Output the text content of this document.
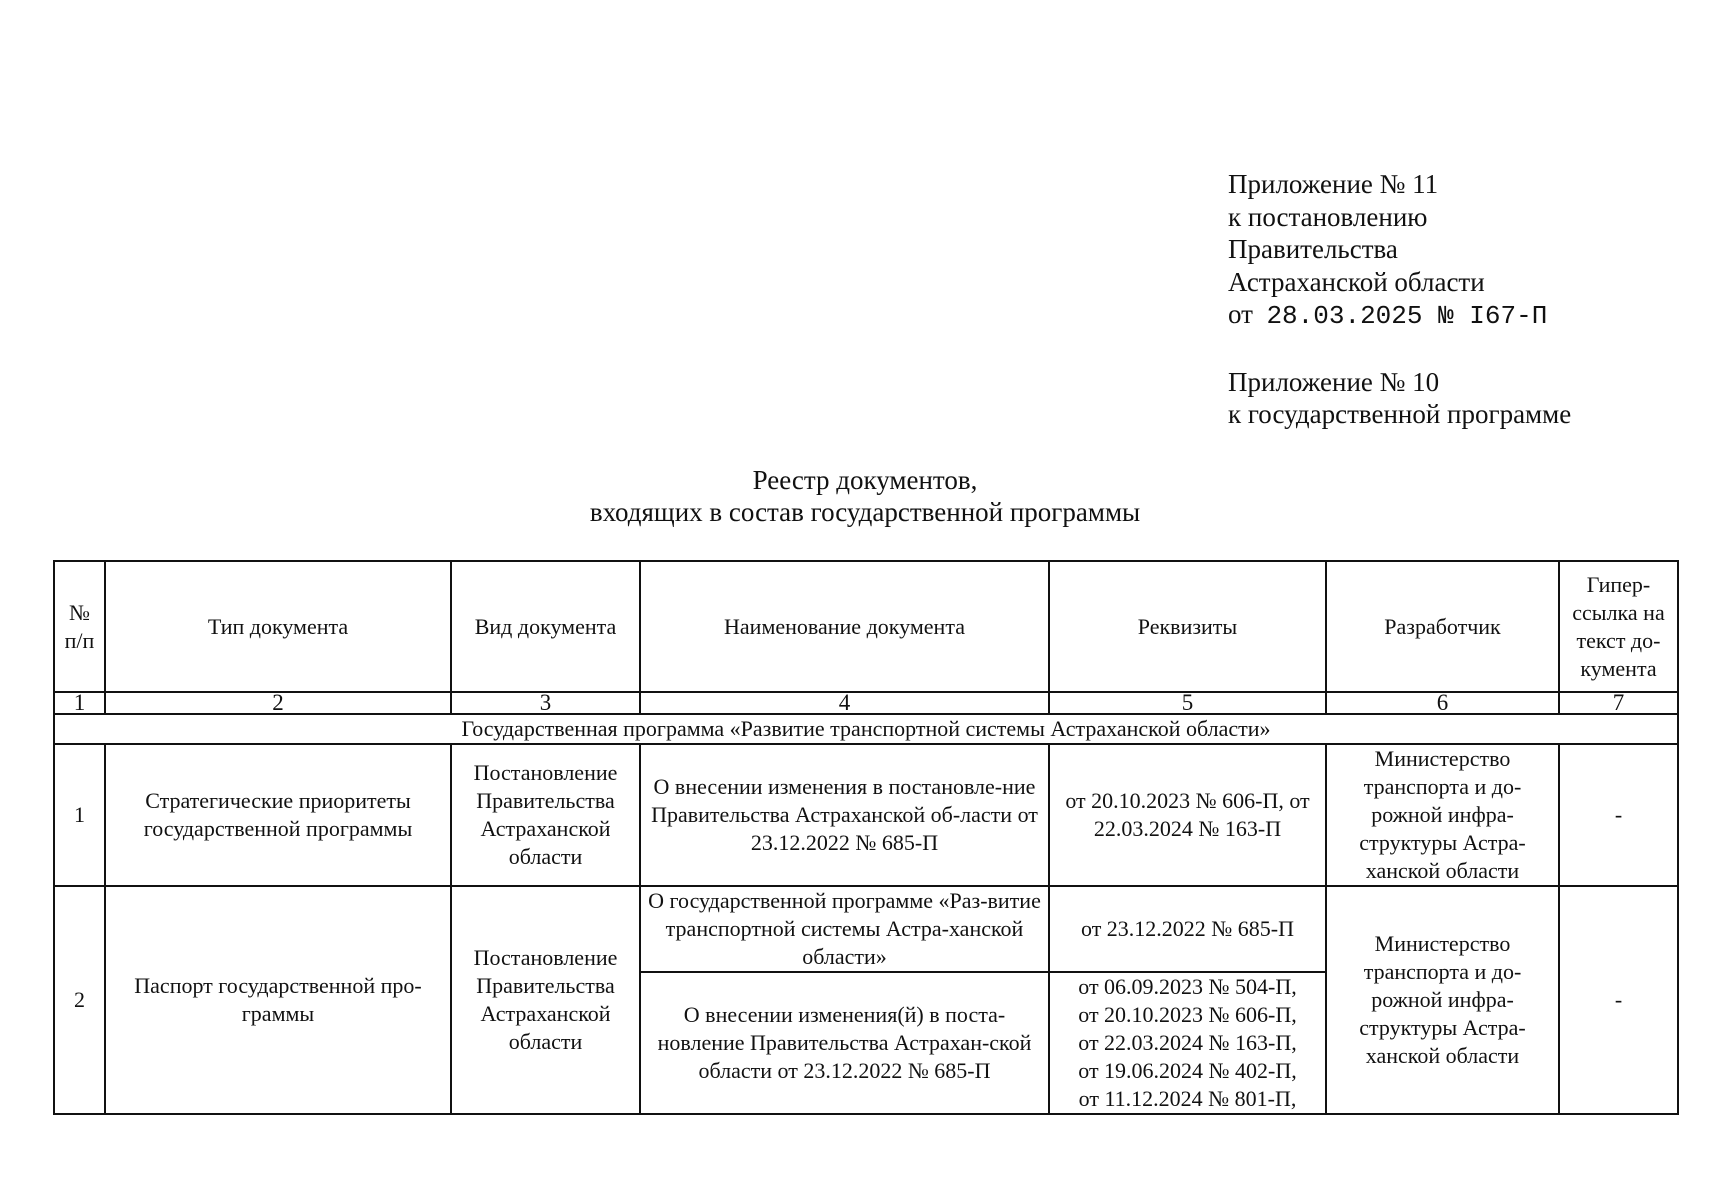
Приложение № 11
к постановлению
Правительства
Астраханской области
от 28.03.2025 № I67-П
Приложение № 10
к государственной программе
Реестр документов,
входящих в состав государственной программы
№ п/п	Тип документа	Вид документа	Наименование документа	Реквизиты	Разработчик	Гипер-ссылка на текст до-кумента
1	2	3	4	5	6	7
Государственная программа «Развитие транспортной системы Астраханской области»						
1	Стратегические приоритеты государственной программы	Постановление Правительства Астраханской области	О внесении изменения в постановле-ние Правительства Астраханской об-ласти от 23.12.2022 № 685-П	от 20.10.2023 № 606-П, от 22.03.2024 № 163-П	Министерство транспорта и до-рожной инфра-структуры Астра-ханской области	-
2	Паспорт государственной про-граммы	Постановление Правительства Астраханской области	О государственной программе «Раз-витие транспортной системы Астра-ханской области»	от 23.12.2022 № 685-П	Министерство транспорта и до-рожной инфра-структуры Астра-ханской области	-
			О внесении изменения(й) в поста-новление Правительства Астрахан-ской области от 23.12.2022 № 685-П	от 06.09.2023 № 504-П,
от 20.10.2023 № 606-П,
от 22.03.2024 № 163-П,
от 19.06.2024 № 402-П,
от 11.12.2024 № 801-П,		
